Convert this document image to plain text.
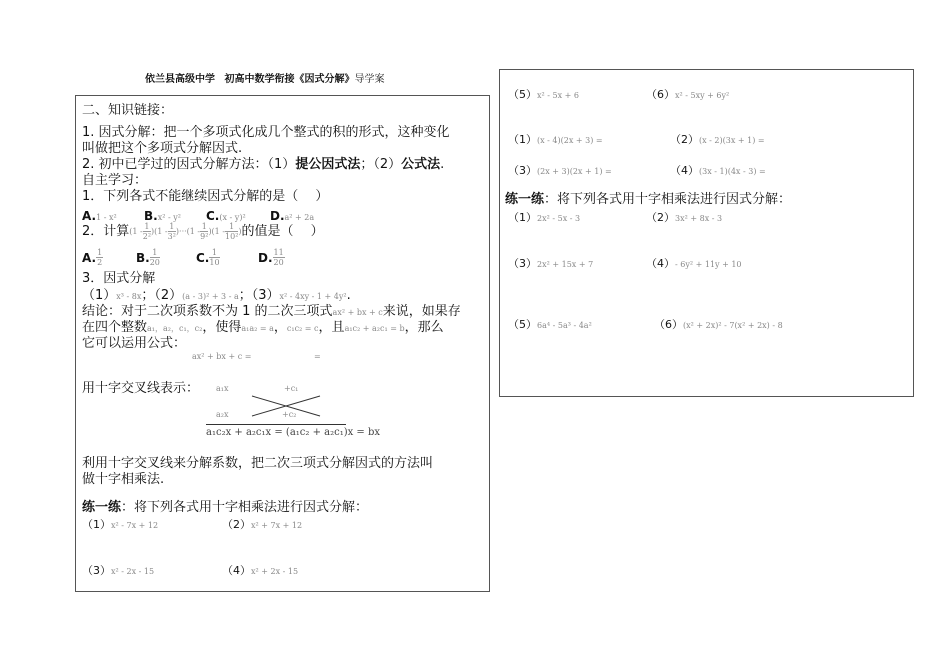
依兰县高级中学 初高中数学衔接《因式分解》导学案
二、知识链接：
1. 因式分解：把一个多项式化成几个整式的积的形式，这种变化
叫做把这个多项式分解因式.
2. 初中已学过的因式分解方法：（1）提公因式法；（2）公式法.
自主学习：
1．下列各式不能继续因式分解的是（　 ）
A.1 - x² B.x² - y² C.(x - y)² D.a² + 2a
2．计算 $(1 - \frac{1}{\text{2²}} )(1 - \frac{1}{\text{3²}} )\cdot\cdot\cdot(1 - \frac{1}{\text{9²}} )(1 - \frac{1}{\text{10²}}$ ) 的值是（　 ）
A. $\frac{1}{2}$	B. $\frac{1}{20}$	C. $\frac{1}{10}$	D. $\frac{11}{20}$
3．因式分解
（1）x³ - 8x；（2）(a - 3)² + 3 - a；（3）x² - 4xy - 1 + 4y².
结论：对于二次项系数不为 1 的二次三项式ax² + bx + c来说，如果存
在四个整数a₁，a₂，c₁，c₂，使得a₁a₂ = a，c₁c₂ = c，且a₁c₂ + a₂c₁ = b，那么
它可以运用公式：
ax² + bx + c =	=
用十字交叉线表示： a₁x	+c₁
a₂x	+c₂
a₁c₂x + a₂c₁x = (a₁c₂ + a₂c₁)x = bx
利用十字交叉线来分解系数，把二次三项式分解因式的方法叫
做十字相乘法.
练一练：将下列各式用十字相乘法进行因式分解：
（1）x² - 7x + 12	（2）x² + 7x + 12
（3）x² - 2x - 15	（4）x² + 2x - 15
（5）x² - 5x + 6	（6）x² - 5xy + 6y²
（1）(x - 4)(2x + 3) =	（2）(x - 2)(3x + 1) =
（3）(2x + 3)(2x + 1) =	（4）(3x - 1)(4x - 3) =
练一练：将下列各式用十字相乘法进行因式分解：
（1）2x² - 5x - 3	（2）3x² + 8x - 3
（3）2x² + 15x + 7	（4）- 6y² + 11y + 10
（5）6a⁴ - 5a³ - 4a²	（6）(x² + 2x)² - 7(x² + 2x) - 8
